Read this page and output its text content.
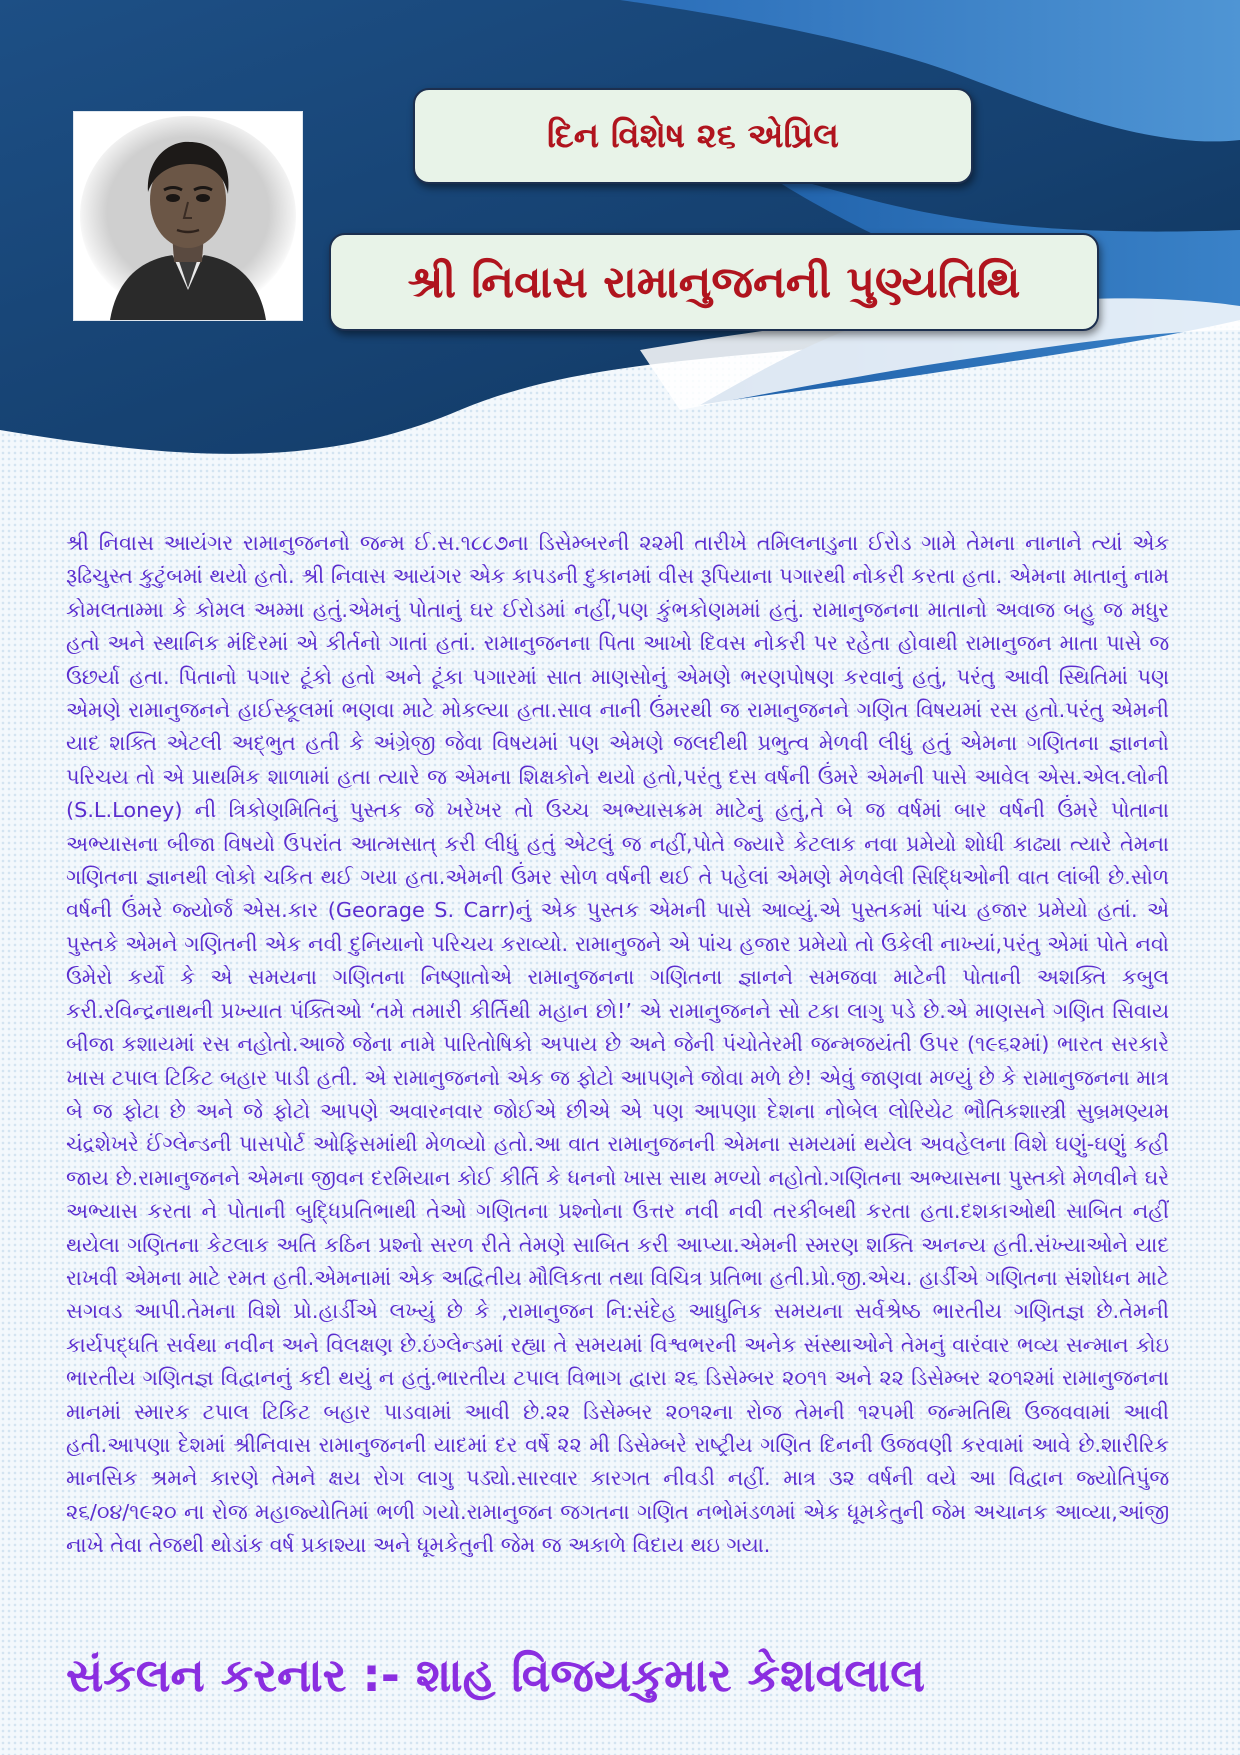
દિન વિશેષ ૨૬ એપ્રિલ
શ્રી નિવાસ રામાનુજનની પુણ્યતિથિ

શ્રી નિવાસ આયંગર રામાનુજનનો જન્મ ઈ.સ.૧૮૮૭ના ડિસેમ્બરની ૨૨મી તારીખે તમિલનાડુના ઈરોડ ગામે તેમના નાનાને ત્યાં એક રૂઢિચુસ્ત કુટુંબમાં થયો હતો. શ્રી નિવાસ આયંગર એક કાપડની દુકાનમાં વીસ રૂપિયાના પગારથી નોકરી કરતા હતા. એમના માતાનું નામ કોમલતામ્મા કે કોમલ અમ્મા હતું.એમનું પોતાનું ઘર ઈરોડમાં નહીં,પણ કુંભકોણમમાં હતું. રામાનુજનના માતાનો અવાજ બહુ જ મધુર હતો અને સ્થાનિક મંદિરમાં એ કીર્તનો ગાતાં હતાં. રામાનુજનના પિતા આખો દિવસ નોકરી પર રહેતા હોવાથી રામાનુજન માતા પાસે જ ઉછર્યા હતા. પિતાનો પગાર ટૂંકો હતો અને ટૂંકા પગારમાં સાત માણસોનું એમણે ભરણપોષણ કરવાનું હતું, પરંતુ આવી સ્થિતિમાં પણ એમણે રામાનુજનને હાઈસ્કૂલમાં ભણવા માટે મોકલ્યા હતા.સાવ નાની ઉંમરથી જ રામાનુજનને ગણિત વિષયમાં રસ હતો.પરંતુ એમની યાદ શક્તિ એટલી અદ્ભુત હતી કે અંગ્રેજી જેવા વિષયમાં પણ એમણે જલદીથી પ્રભુત્વ મેળવી લીધું હતું એમના ગણિતના જ્ઞાનનો પરિચય તો એ પ્રાથમિક શાળામાં હતા ત્યારે જ એમના શિક્ષકોને થયો હતો,પરંતુ દસ વર્ષની ઉંમરે એમની પાસે આવેલ એસ.એલ.લોની (S.L.Loney) ની ત્રિકોણમિતિનું પુસ્તક જે ખરેખર તો ઉચ્ચ અભ્યાસક્રમ માટેનું હતું,તે બે જ વર્ષમાં બાર વર્ષની ઉંમરે પોતાના અભ્યાસના બીજા વિષયો ઉપરાંત આત્મસાત્ કરી લીધું હતું એટલું જ નહીં,પોતે જ્યારે કેટલાક નવા પ્રમેયો શોધી કાઢ્યા ત્યારે તેમના ગણિતના જ્ઞાનથી લોકો ચકિત થઈ ગયા હતા.એમની ઉંમર સોળ વર્ષની થઈ તે પહેલાં એમણે મેળવેલી સિદ્ધિઓની વાત લાંબી છે.સોળ વર્ષની ઉંમરે જ્યોર્જ એસ.કાર (Georage S. Carr)નું એક પુસ્તક એમની પાસે આવ્યું.એ પુસ્તકમાં પાંચ હજાર પ્રમેયો હતાં. એ પુસ્તકે એમને ગણિતની એક નવી દુનિયાનો પરિચય કરાવ્યો. રામાનુજને એ પાંચ હજાર પ્રમેયો તો ઉકેલી નાખ્યાં,પરંતુ એમાં પોતે નવો ઉમેરો કર્યો કે એ સમયના ગણિતના નિષ્ણાતોએ રામાનુજનના ગણિતના જ્ઞાનને સમજવા માટેની પોતાની અશક્તિ કબુલ કરી.રવિન્દ્રનાથની પ્રખ્યાત પંક્તિઓ ‘તમે તમારી કીર્તિથી મહાન છો!’ એ રામાનુજનને સો ટકા લાગુ પડે છે.એ માણસને ગણિત સિવાય બીજા કશાયમાં રસ નહોતો.આજે જેના નામે પારિતોષિકો અપાય છે અને જેની પંચોતેરમી જન્મજયંતી ઉપર (૧૯૬૨માં) ભારત સરકારે ખાસ ટપાલ ટિકિટ બહાર પાડી હતી. એ રામાનુજનનો એક જ ફોટો આપણને જોવા મળે છે! એવું જાણવા મળ્યું છે કે રામાનુજનના માત્ર બે જ ફોટા છે અને જે ફોટો આપણે અવારનવાર જોઈએ છીએ એ પણ આપણા દેશના નોબેલ લોરિયેટ ભૌતિકશાસ્ત્રી સુબ્રમણ્યમ ચંદ્રશેખરે ઈંગ્લેન્ડની પાસપોર્ટ ઓફિસમાંથી મેળવ્યો હતો.આ વાત રામાનુજનની એમના સમયમાં થયેલ અવહેલના વિશે ઘણું-ઘણું કહી જાય છે.રામાનુજનને એમના જીવન દરમિયાન કોઈ કીર્તિ કે ધનનો ખાસ સાથ મળ્યો નહોતો.ગણિતના અભ્યાસના પુસ્તકો મેળવીને ઘરે અભ્યાસ કરતા ને પોતાની બુદ્ધિપ્રતિભાથી તેઓ ગણિતના પ્રશ્નોના ઉત્તર નવી નવી તરકીબથી કરતા હતા.દશકાઓથી સાબિત નહીં થયેલા ગણિતના કેટલાક અતિ કઠિન પ્રશ્નો સરળ રીતે તેમણે સાબિત કરી આપ્યા.એમની સ્મરણ શક્તિ અનન્ય હતી.સંખ્યાઓને યાદ રાખવી એમના માટે રમત હતી.એમનામાં એક અદ્વિતીય મૌલિકતા તથા વિચિત્ર પ્રતિભા હતી.પ્રો.જી.એચ. હાર્ડીએ ગણિતના સંશોધન માટે સગવડ આપી.તેમના વિશે પ્રો.હાર્ડીએ લખ્યું છે કે ,રામાનુજન નિ:સંદેહ આધુનિક સમયના સર્વશ્રેષ્ઠ ભારતીય ગણિતજ્ઞ છે.તેમની કાર્યપદ્ધતિ સર્વથા નવીન અને વિલક્ષણ છે.ઇંગ્લેન્ડમાં રહ્યા તે સમયમાં વિશ્વભરની અનેક સંસ્થાઓને તેમનું વારંવાર ભવ્ય સન્માન કોઇ ભારતીય ગણિતજ્ઞ વિદ્વાનનું કદી થયું ન હતું.ભારતીય ટપાલ વિભાગ દ્વારા ૨૬ ડિસેમ્બર ૨૦૧૧ અને ૨૨ ડિસેમ્બર ૨૦૧૨માં રામાનુજનના માનમાં સ્મારક ટપાલ ટિકિટ બહાર પાડવામાં આવી છે.૨૨ ડિસેમ્બર ૨૦૧૨ના રોજ તેમની ૧૨૫મી જન્મતિથિ ઉજવવામાં આવી હતી.આપણા દેશમાં શ્રીનિવાસ રામાનુજનની યાદમાં દર વર્ષે ૨૨ મી ડિસેમ્બરે રાષ્ટ્રીય ગણિત દિનની ઉજવણી કરવામાં આવે છે.શારીરિક માનસિક શ્રમને કારણે તેમને ક્ષય રોગ લાગુ પડ્યો.સારવાર કારગત નીવડી નહીં. માત્ર ૩૨ વર્ષની વયે આ વિદ્વાન જ્યોતિપુંજ ૨૬/૦૪/૧૯૨૦ ના રોજ મહાજ્યોતિમાં ભળી ગયો.રામાનુજન જગતના ગણિત નભોમંડળમાં એક ધૂમકેતુની જેમ અચાનક આવ્યા,આંજી નાખે તેવા તેજથી થોડાંક વર્ષ પ્રકાશ્યા અને ધૂમકેતુની જેમ જ અકાળે વિદાય થઇ ગયા.

સંકલન કરનાર :- શાહ વિજયકુમાર કેશવલાલ
